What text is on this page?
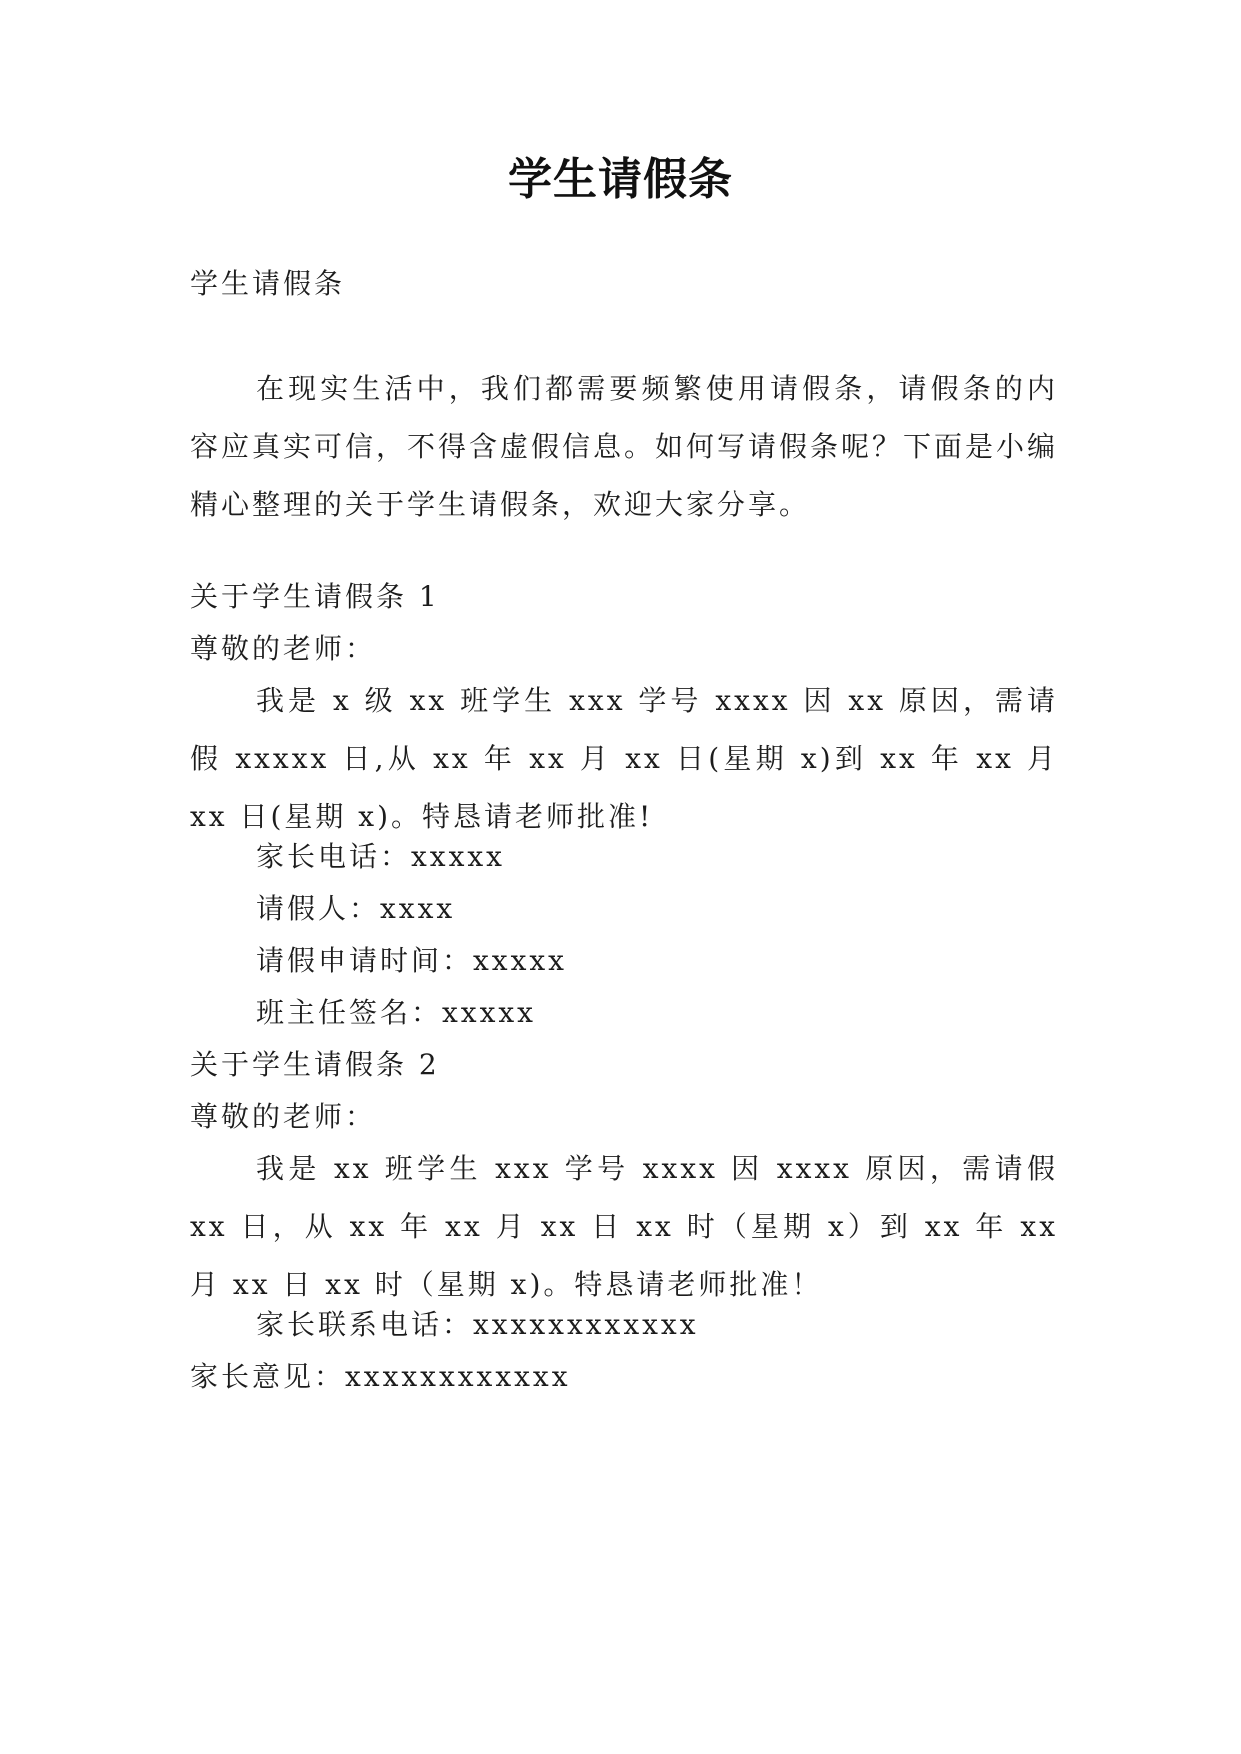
学生请假条
学生请假条
在现实生活中，我们都需要频繁使用请假条，请假条的内容应真实可信，不得含虚假信息。如何写请假条呢？下面是小编精心整理的关于学生请假条，欢迎大家分享。
关于学生请假条 1
尊敬的老师：
我是 x 级 xx 班学生 xxx 学号 xxxx 因 xx 原因，需请假 xxxxx 日,从 xx 年 xx 月 xx 日(星期 x)到 xx 年 xx 月 xx 日(星期 x)。特恳请老师批准!
家长电话：xxxxx
请假人：xxxx
请假申请时间：xxxxx
班主任签名：xxxxx
关于学生请假条 2
尊敬的老师：
我是 xx 班学生 xxx 学号 xxxx 因 xxxx 原因，需请假 xx 日，从 xx 年 xx 月 xx 日 xx 时（星期 x）到 xx 年 xx 月 xx 日 xx 时（星期 x)。特恳请老师批准！
家长联系电话：xxxxxxxxxxxx
家长意见：xxxxxxxxxxxx
